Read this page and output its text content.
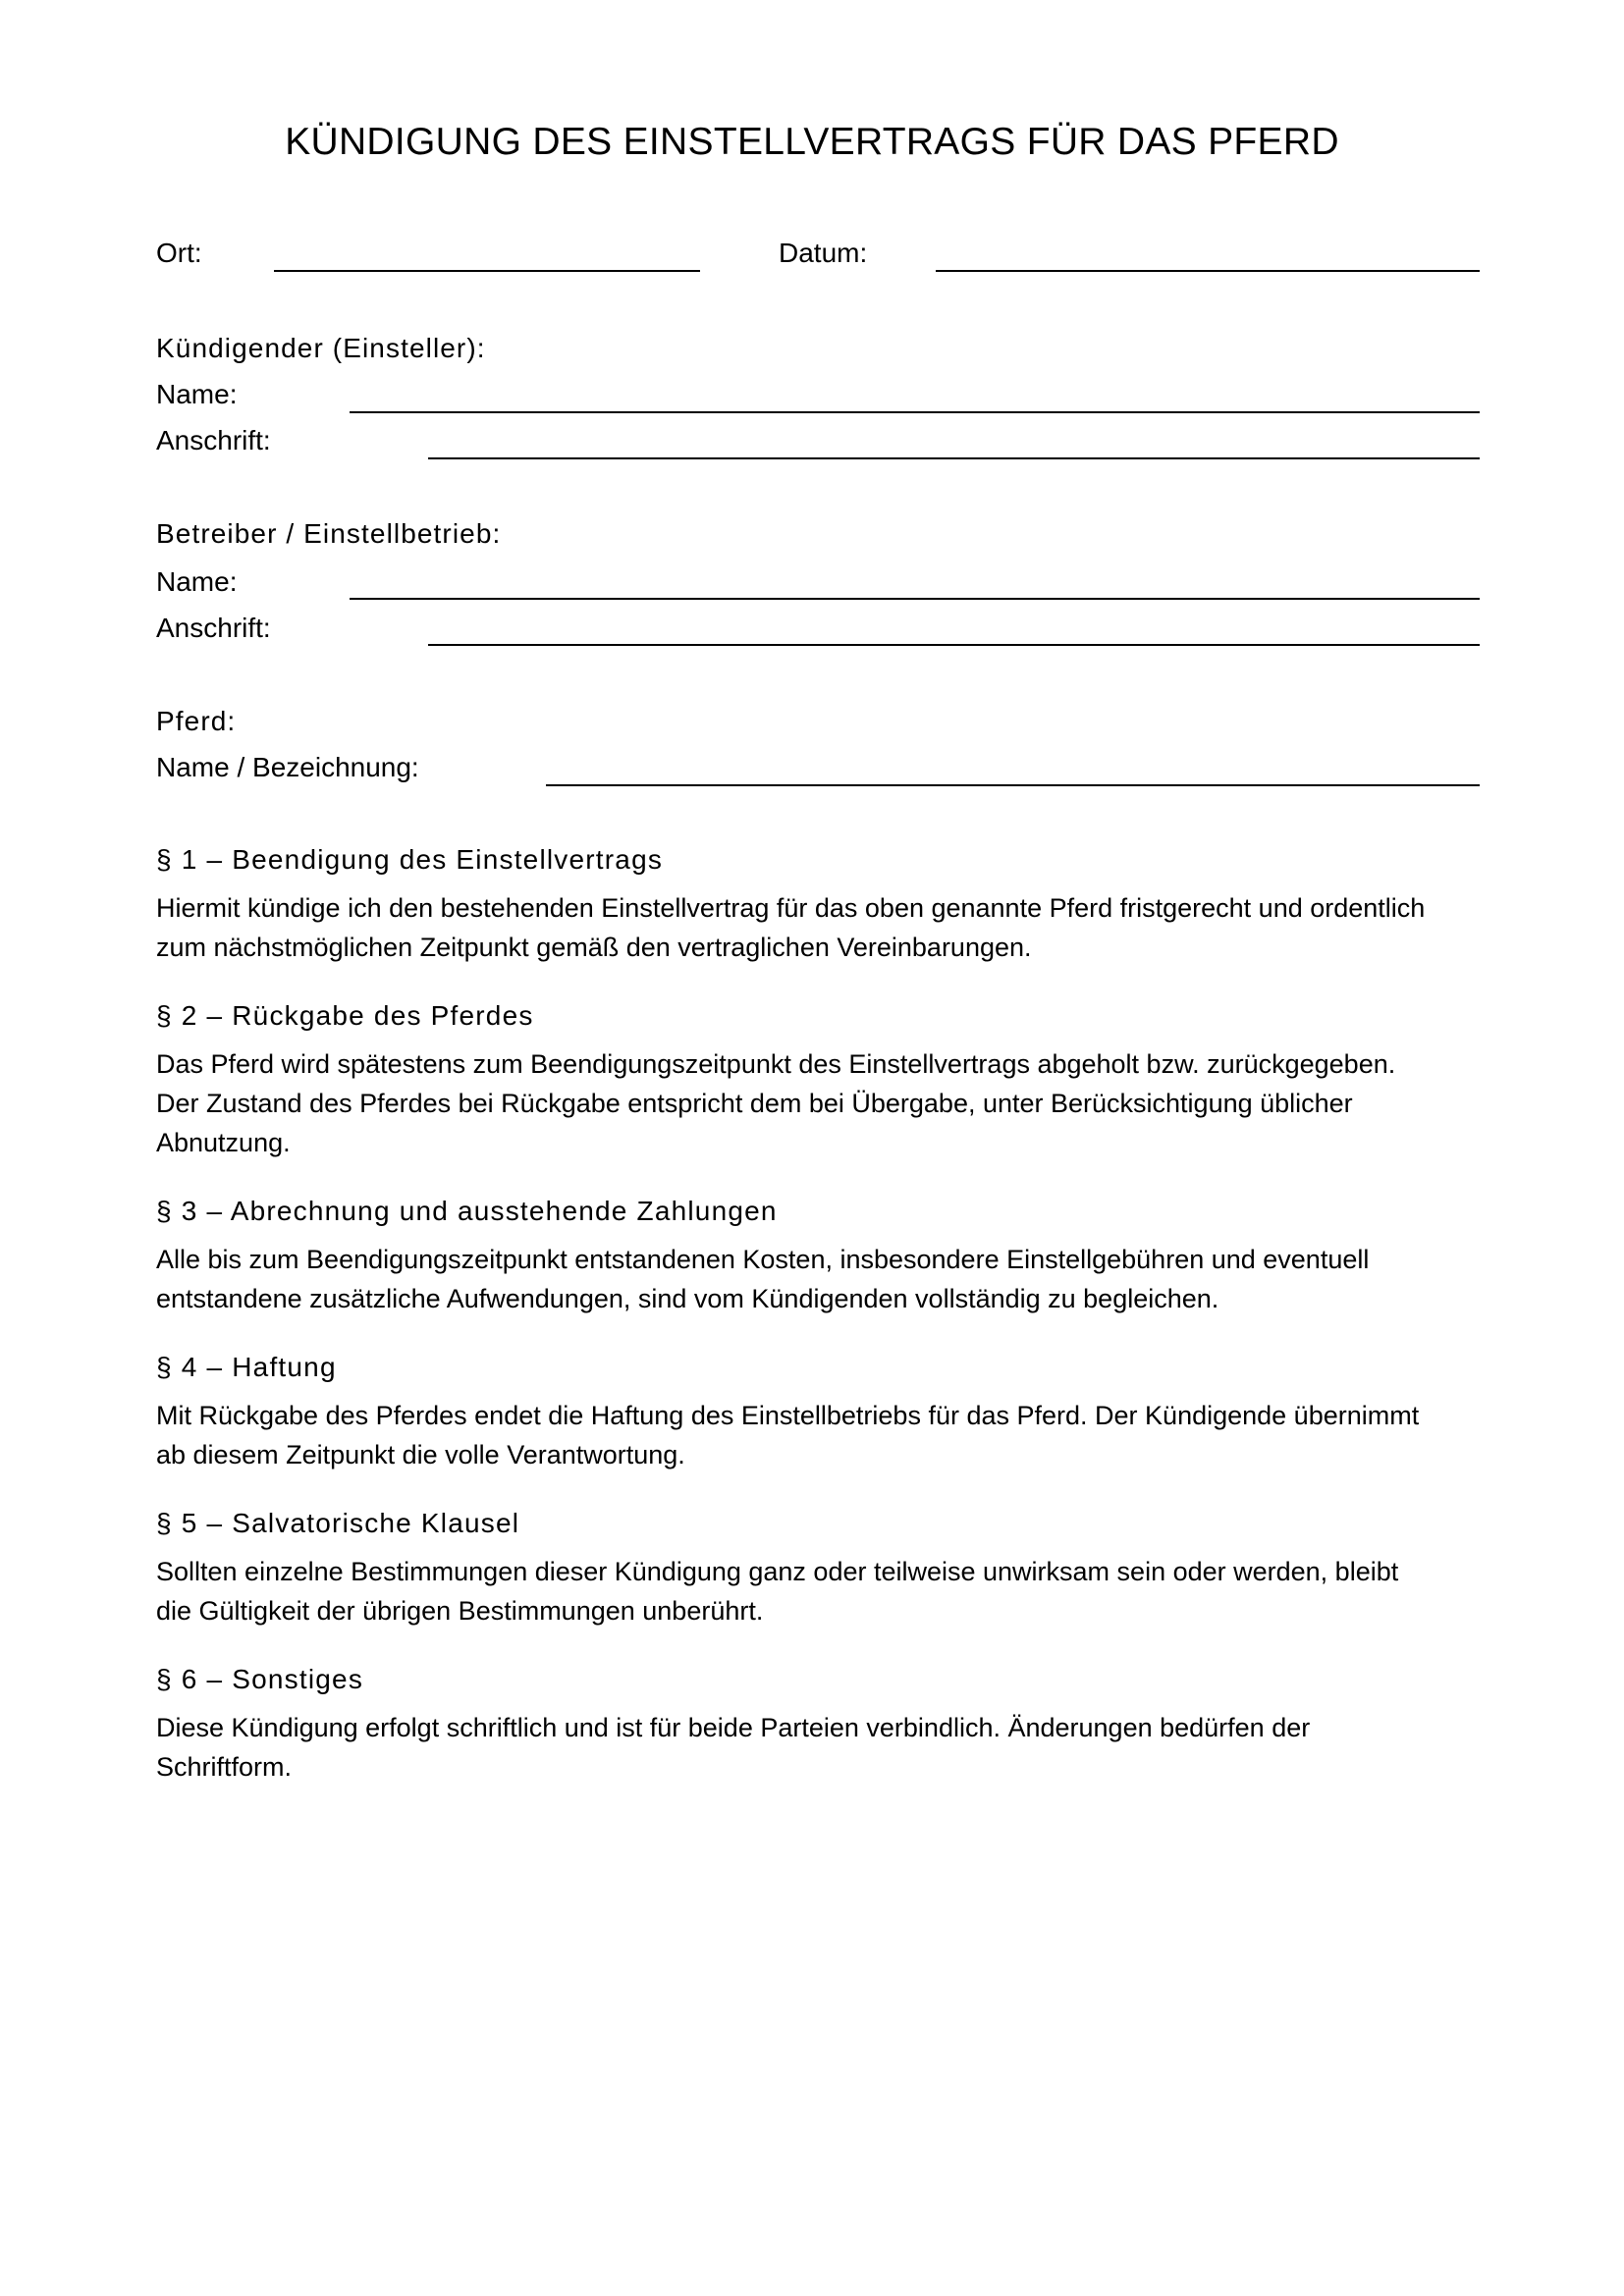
KÜNDIGUNG DES EINSTELLVERTRAGS FÜR DAS PFERD
Ort:	Datum:
Kündigender (Einsteller):
Name:
Anschrift:
Betreiber / Einstellbetrieb:
Name:
Anschrift:
Pferd:
Name / Bezeichnung:
§ 1 – Beendigung des Einstellvertrags

Hiermit kündige ich den bestehenden Einstellvertrag für das oben genannte Pferd fristgerecht und ordentlich
zum nächstmöglichen Zeitpunkt gemäß den vertraglichen Vereinbarungen.

§ 2 – Rückgabe des Pferdes

Das Pferd wird spätestens zum Beendigungszeitpunkt des Einstellvertrags abgeholt bzw. zurückgegeben.
Der Zustand des Pferdes bei Rückgabe entspricht dem bei Übergabe, unter Berücksichtigung üblicher
Abnutzung.

§ 3 – Abrechnung und ausstehende Zahlungen

Alle bis zum Beendigungszeitpunkt entstandenen Kosten, insbesondere Einstellgebühren und eventuell
entstandene zusätzliche Aufwendungen, sind vom Kündigenden vollständig zu begleichen.

§ 4 – Haftung

Mit Rückgabe des Pferdes endet die Haftung des Einstellbetriebs für das Pferd. Der Kündigende übernimmt
ab diesem Zeitpunkt die volle Verantwortung.

§ 5 – Salvatorische Klausel

Sollten einzelne Bestimmungen dieser Kündigung ganz oder teilweise unwirksam sein oder werden, bleibt
die Gültigkeit der übrigen Bestimmungen unberührt.

§ 6 – Sonstiges

Diese Kündigung erfolgt schriftlich und ist für beide Parteien verbindlich. Änderungen bedürfen der
Schriftform.
